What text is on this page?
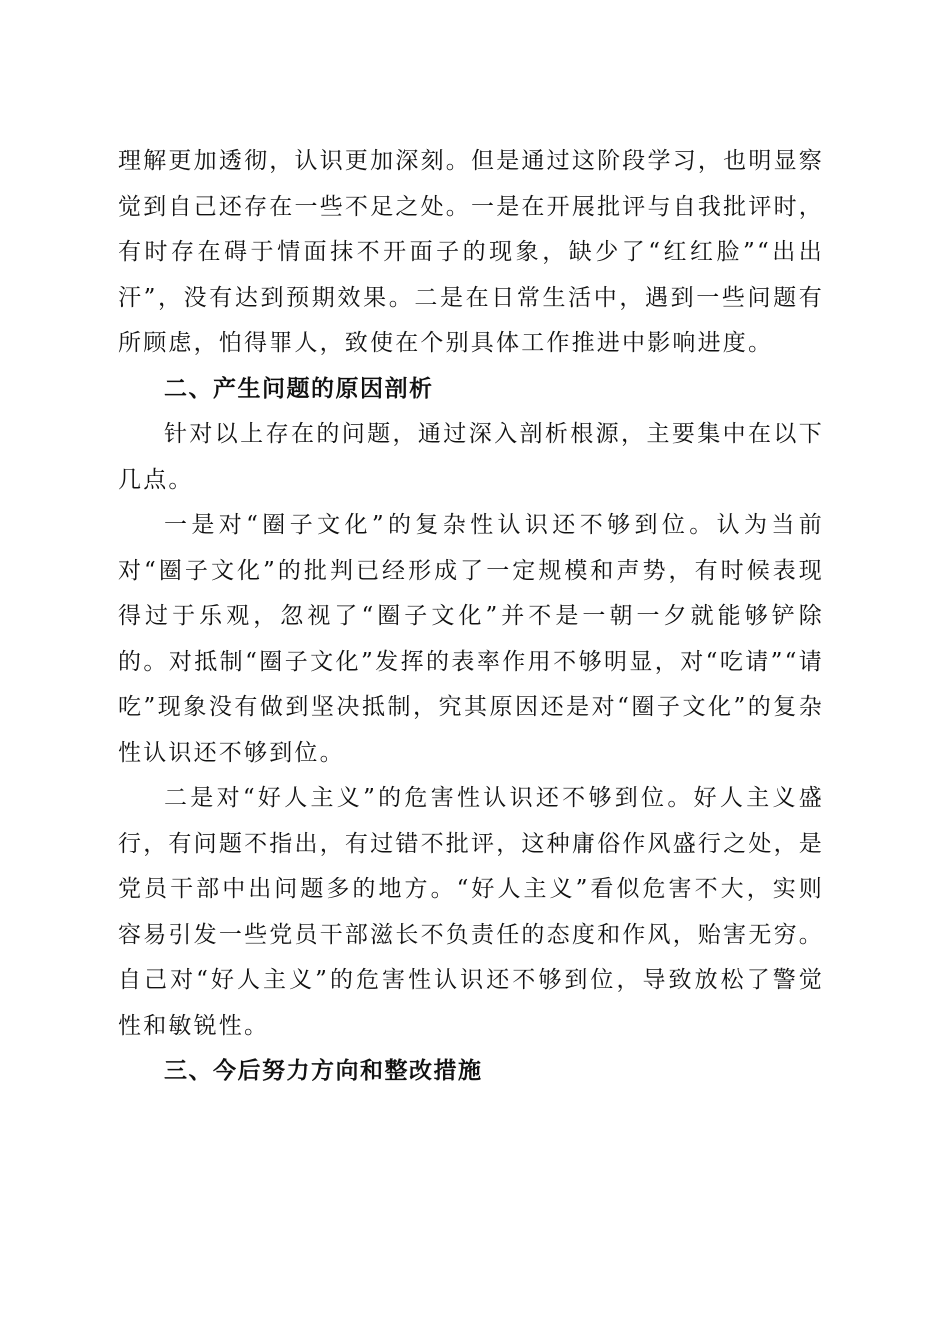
理解更加透彻，认识更加深刻。但是通过这阶段学习，也明显察觉到自己还存在一些不足之处。一是在开展批评与自我批评时，有时存在碍于情面抹不开面子的现象，缺少了“红红脸”“出出汗”，没有达到预期效果。二是在日常生活中，遇到一些问题有所顾虑，怕得罪人，致使在个别具体工作推进中影响进度。

二、产生问题的原因剖析

针对以上存在的问题，通过深入剖析根源，主要集中在以下几点。

一是对“圈子文化”的复杂性认识还不够到位。认为当前对“圈子文化”的批判已经形成了一定规模和声势，有时候表现得过于乐观，忽视了“圈子文化”并不是一朝一夕就能够铲除的。对抵制“圈子文化”发挥的表率作用不够明显，对“吃请”“请吃”现象没有做到坚决抵制，究其原因还是对“圈子文化”的复杂性认识还不够到位。

二是对“好人主义”的危害性认识还不够到位。好人主义盛行，有问题不指出，有过错不批评，这种庸俗作风盛行之处，是党员干部中出问题多的地方。“好人主义”看似危害不大，实则容易引发一些党员干部滋长不负责任的态度和作风，贻害无穷。自己对“好人主义”的危害性认识还不够到位，导致放松了警觉性和敏锐性。

三、今后努力方向和整改措施
